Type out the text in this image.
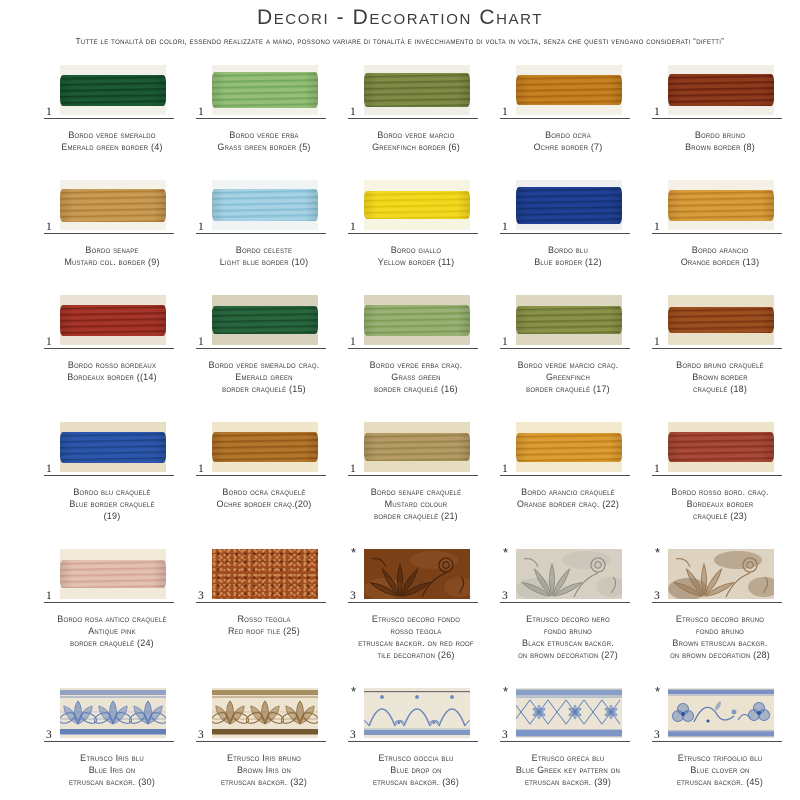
Decori - Decoration Chart
Tutte le tonalità dei colori, essendo realizzate a mano, possono variare di tonalità e invecchiamento di volta in volta, senza che questi vengano considerati “difetti”
1
Bordo verde smeraldo
Emerald green border (4)
1
Bordo verde erba
Grass green border (5)
1
Bordo verde marcio
Greenfinch border (6)
1
Bordo ocra
Ochre border (7)
1
Bordo bruno
Brown border (8)
1
Bordo senape
Mustard col. border (9)
1
Bordo celeste
Light blue border (10)
1
Bordo giallo
Yellow border (11)
1
Bordo blu
Blue border (12)
1
Bordo arancio
Orange border (13)
1
Bordo rosso bordeaux
Bordeaux border ((14)
1
Bordo verde smeraldo craq.
Emerald green
border craquelé (15)
1
Bordo verde erba craq.
Grass green
border craquelé (16)
1
Bordo verde marcio craq.
Greenfinch
border craquelé (17)
1
Bordo bruno craquelé
Brown border
craquelé (18)
1
Bordo blu craquelé
Blue border craquelé
(19)
1
Bordo ocra craquelé
Ochre border craq.(20)
1
Bordo senape craquelé
Mustard colour
border craquelé (21)
1
Bordo arancio craquelé
Orange border craq. (22)
1
Bordo rosso bord. craq.
Bordeaux border
craquelé (23)
1
Bordo rosa antico craquelé
Antique pink
border craquelé (24)
3
Rosso tegola
Red roof tile (25)
*
3
Etrusco decoro fondo
rosso tegola
etruscan backgr. on red roof
tile decoration (26)
*
3
Etrusco decoro nero
fondo bruno
Black etruscan backgr.
on brown decoration (27)
*
3
Etrusco decoro bruno
fondo bruno
Brown etruscan backgr.
on brown decoration (28)
3
Etrusco Iris blu
Blue Iris on
etruscan backgr. (30)
3
Etrusco Iris bruno
Brown Iris on
etruscan backgr. (32)
*
3
Etrusco goccia blu
Blue drop on
etruscan backgr. (36)
*
3
Etrusco greca blu
Blue Greek key pattern on
etruscan backgr. (39)
*
3
Etrusco trifoglio blu
Blue clover on
etruscan backgr. (45)
